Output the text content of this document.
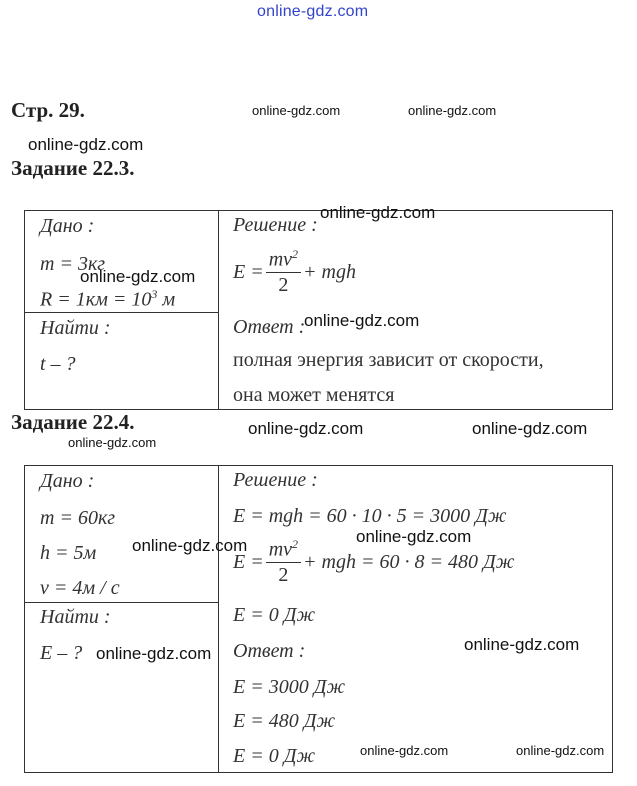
online-gdz.com
Стр. 29.	online-gdz.com	online-gdz.com
online-gdz.com
Задание 22.3.
Дано :
m = 3кг
$R = 1км = 10^3$ м
online-gdz.com
Найти :
t – ?
Решение :
online-gdz.com
$E = \frac{mv^2}{2}$ + mgh
Ответ :
online-gdz.com
полная энергия зависит от скорости,
она может менятся
Задание 22.4.
online-gdz.com
online-gdz.com	online-gdz.com
Дано :
m = 60кг
h = 5м
v = 4м / с
online-gdz.com
Найти :
E – ? online-gdz.com
Решение :
E = mgh = 60 · 10 · 5 = 3000 Дж
online-gdz.com
$E = \frac{mv^2}{2}$ + mgh = 60 · 8 = 480 Дж
E = 0 Дж
Ответ :	online-gdz.com
E = 3000 Дж
E = 480 Дж
E = 0 Дж	online-gdz.com	online-gdz.com
